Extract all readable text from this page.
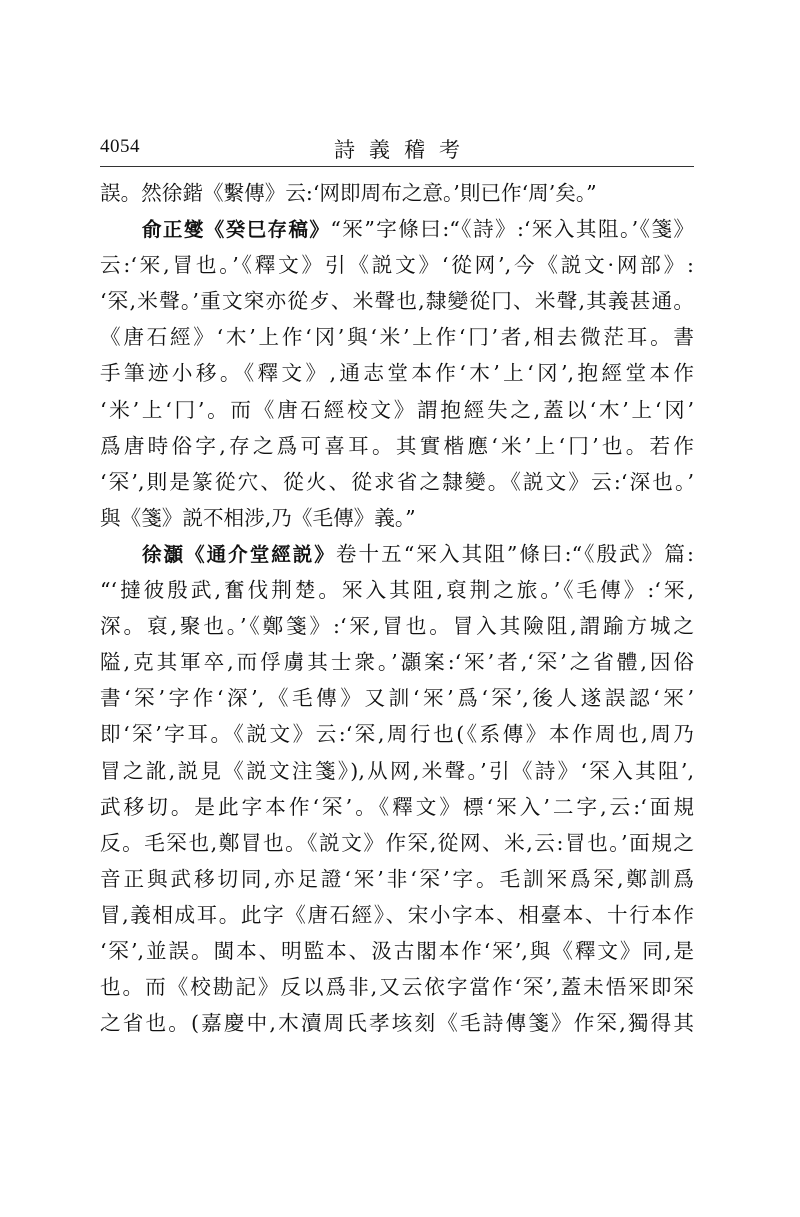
4054	詩義稽考
誤。然徐鍇《繫傳》云:‘网即周布之意。’則已作‘周’矣。”
俞正燮《癸巳存稿》“冞”字條曰:“《詩》:‘冞入其阻。’《箋》
云:‘冞,冒也。’《釋文》引《説文》‘從网’,今《説文·网部》:
‘罙,米聲。’重文穼亦從歺、米聲也,隸變從冂、米聲,其義甚通。
《唐石經》‘木’上作‘冈’與‘米’上作‘冂’者,相去微茫耳。書
手筆迹小移。《釋文》,通志堂本作‘木’上‘冈’,抱經堂本作
‘米’上‘冂’。而《唐石經校文》謂抱經失之,蓋以‘木’上‘冈’
爲唐時俗字,存之爲可喜耳。其實楷應‘米’上‘冂’也。若作
‘罙’,則是篆從穴、從火、從求省之隸變。《説文》云:‘深也。’
與《箋》説不相涉,乃《毛傳》義。”
徐灝《通介堂經説》卷十五“冞入其阻”條曰:“《殷武》篇:
“‘撻彼殷武,奮伐荆楚。冞入其阻,裒荆之旅。’《毛傳》:‘冞,
深。裒,聚也。’《鄭箋》:‘冞,冒也。冒入其險阻,謂踰方城之
隘,克其軍卒,而俘虜其士衆。’灝案:‘冞’者,‘罙’之省體,因俗
書‘罙’字作‘深’,《毛傳》又訓‘冞’爲‘罙’,後人遂誤認‘冞’
即‘罙’字耳。《説文》云:‘罙,周行也(《系傳》本作周也,周乃
冒之訛,説見《説文注箋》),从网,米聲。’引《詩》‘罙入其阻’,
武移切。是此字本作‘罙’。《釋文》標‘冞入’二字,云:‘面規
反。毛罙也,鄭冒也。《説文》作罙,從网、米,云:冒也。’面規之
音正與武移切同,亦足證‘冞’非‘罙’字。毛訓冞爲罙,鄭訓爲
冒,義相成耳。此字《唐石經》、宋小字本、相臺本、十行本作
‘罙’,並誤。閩本、明監本、汲古閣本作‘冞’,與《釋文》同,是
也。而《校勘記》反以爲非,又云依字當作‘罙’,蓋未悟冞即罙
之省也。(嘉慶中,木瀆周氏孝垓刻《毛詩傳箋》作罙,獨得其
